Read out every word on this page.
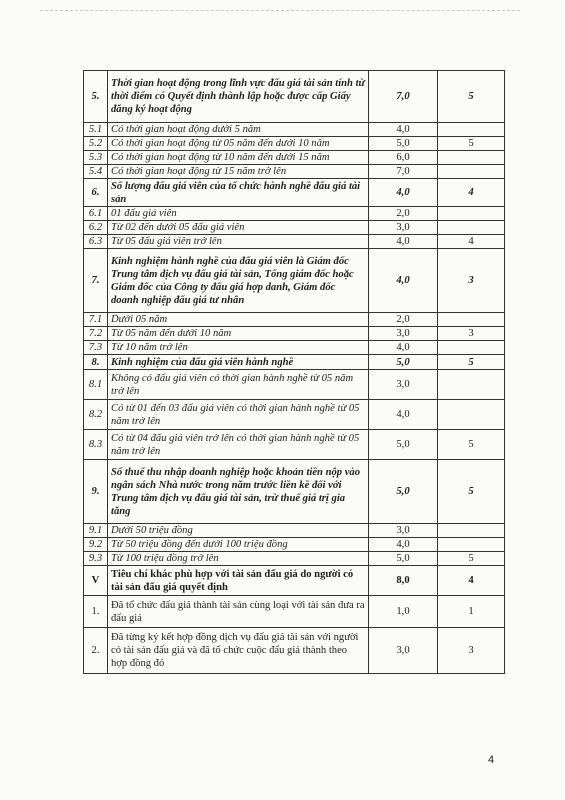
5.	Thời gian hoạt động trong lĩnh vực đấu giá tài sản tính từ thời điểm có Quyết định thành lập hoặc được cấp Giấy đăng ký hoạt động	7,0	5
5.1	Có thời gian hoạt động dưới 5 năm	4,0	
5.2	Có thời gian hoạt động từ 05 năm đến dưới 10 năm	5,0	5
5.3	Có thời gian hoạt động từ 10 năm đến dưới 15 năm	6,0	
5.4	Có thời gian hoạt động từ 15 năm trở lên	7,0	
6.	Số lượng đấu giá viên của tổ chức hành nghề đấu giá tài sản	4,0	4
6.1	01 đấu giá viên	2,0	
6.2	Từ 02 đến dưới 05 đấu giá viên	3,0	
6.3	Từ 05 đấu giá viên trở lên	4,0	4
7.	Kinh nghiệm hành nghề của đấu giá viên là Giám đốc Trung tâm dịch vụ đấu giá tài sản, Tổng giám đốc hoặc Giám đốc của Công ty đấu giá hợp danh, Giám đốc doanh nghiệp đấu giá tư nhân	4,0	3
7.1	Dưới 05 năm	2,0	
7.2	Từ 05 năm đến dưới 10 năm	3,0	3
7.3	Từ 10 năm trở lên	4,0	
8.	Kinh nghiệm của đấu giá viên hành nghề	5,0	5
8.1	Không có đấu giá viên có thời gian hành nghề từ 05 năm trở lên	3,0	
8.2	Có từ 01 đến 03 đấu giá viên có thời gian hành nghề từ 05 năm trở lên	4,0	
8.3	Có từ 04 đấu giá viên trở lên có thời gian hành nghề từ 05 năm trở lên	5,0	5
9.	Số thuế thu nhập doanh nghiệp hoặc khoản tiền nộp vào ngân sách Nhà nước trong năm trước liền kề đối với Trung tâm dịch vụ đấu giá tài sản, trừ thuế giá trị gia tăng	5,0	5
9.1	Dưới 50 triệu đồng	3,0	
9.2	Từ 50 triệu đồng đến dưới 100 triệu đồng	4,0	
9.3	Từ 100 triệu đồng trở lên	5,0	5
V	Tiêu chí khác phù hợp với tài sản đấu giá do người có tài sản đấu giá quyết định	8,0	4
1.	Đã tổ chức đấu giá thành tài sản cùng loại với tài sản đưa ra đấu giá	1,0	1
2.	Đã từng ký kết hợp đồng dịch vụ đấu giá tài sản với người có tài sản đấu giá và đã tổ chức cuộc đấu giá thành theo hợp đồng đó	3,0	3
4
